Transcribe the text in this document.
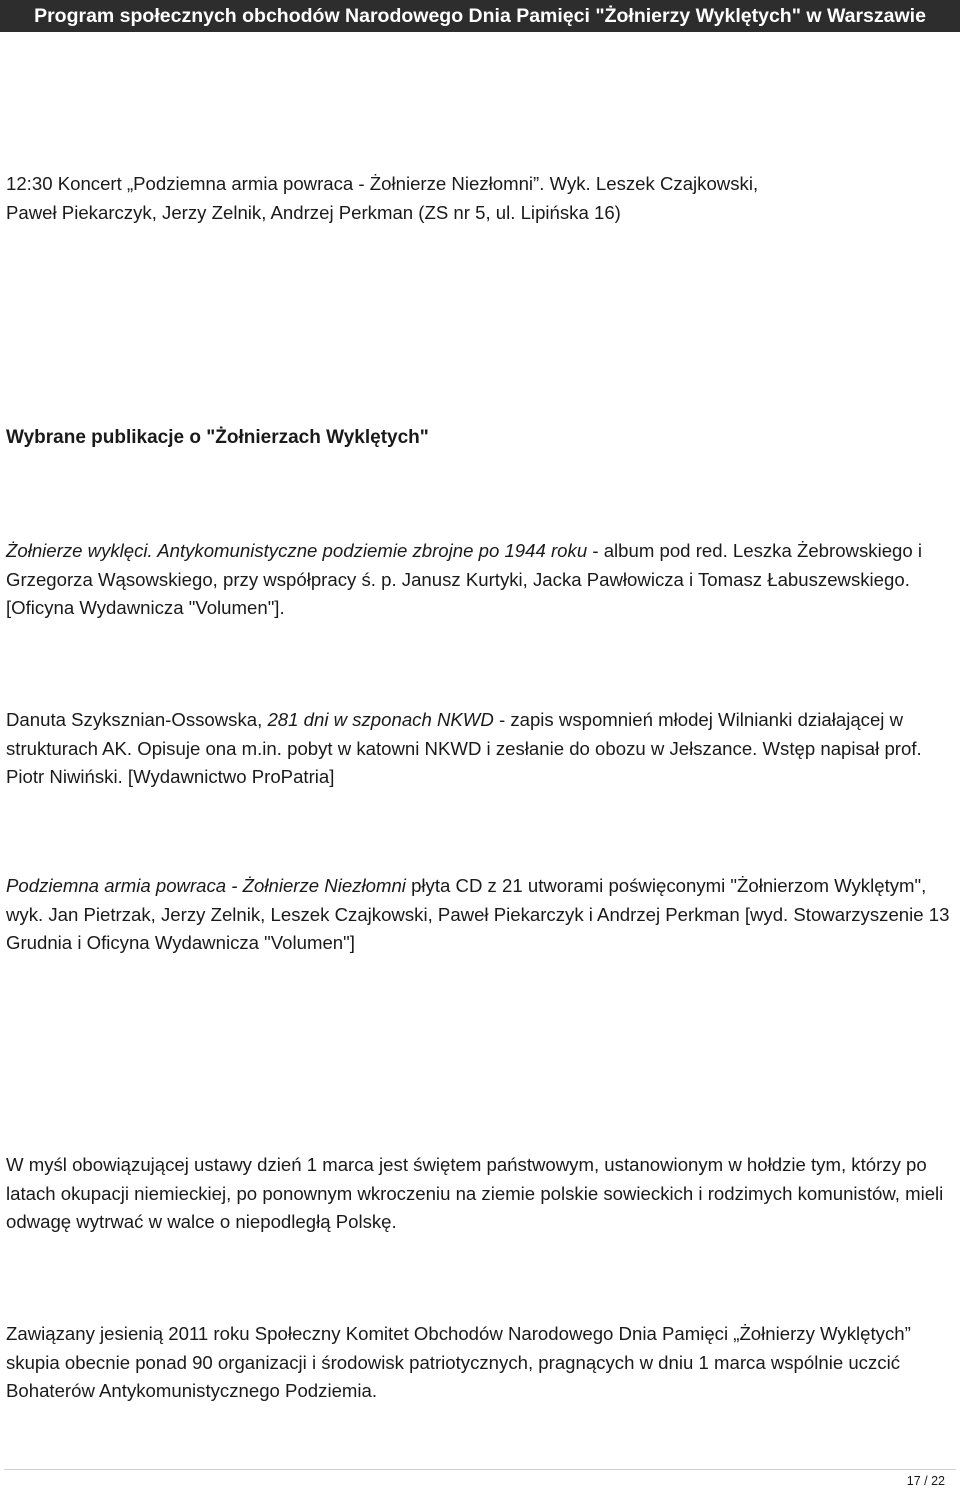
Program społecznych obchodów Narodowego Dnia Pamięci "Żołnierzy Wyklętych" w Warszawie

12:30 Koncert „Podziemna armia powraca - Żołnierze Niezłomni”. Wyk. Leszek Czajkowski,

Paweł Piekarczyk, Jerzy Zelnik, Andrzej Perkman (ZS nr 5, ul. Lipińska 16)

Wybrane publikacje o "Żołnierzach Wyklętych"

Żołnierze wyklęci. Antykomunistyczne podziemie zbrojne po 1944 roku - album pod red. Leszka Żebrowskiego i Grzegorza Wąsowskiego, przy współpracy ś. p. Janusz Kurtyki, Jacka Pawłowicza i Tomasz Łabuszewskiego. [Oficyna Wydawnicza "Volumen"].

Danuta Szyksznian-Ossowska, 281 dni w szponach NKWD - zapis wspomnień młodej Wilnianki działającej w strukturach AK. Opisuje ona m.in. pobyt w katowni NKWD i zesłanie do obozu w Jełszance. Wstęp napisał prof. Piotr Niwiński. [Wydawnictwo ProPatria]

Podziemna armia powraca - Żołnierze Niezłomni płyta CD z 21 utworami poświęconymi "Żołnierzom Wyklętym", wyk. Jan Pietrzak, Jerzy Zelnik, Leszek Czajkowski, Paweł Piekarczyk i Andrzej Perkman [wyd. Stowarzyszenie 13 Grudnia i Oficyna Wydawnicza "Volumen"]

W myśl obowiązującej ustawy dzień 1 marca jest świętem państwowym, ustanowionym w hołdzie tym, którzy po latach okupacji niemieckiej, po ponownym wkroczeniu na ziemie polskie sowieckich i rodzimych komunistów, mieli odwagę wytrwać w walce o niepodległą Polskę.

Zawiązany jesienią 2011 roku Społeczny Komitet Obchodów Narodowego Dnia Pamięci „Żołnierzy Wyklętych” skupia obecnie ponad 90 organizacji i środowisk patriotycznych, pragnących w dniu 1 marca wspólnie uczcić Bohaterów Antykomunistycznego Podziemia.

17 / 22
